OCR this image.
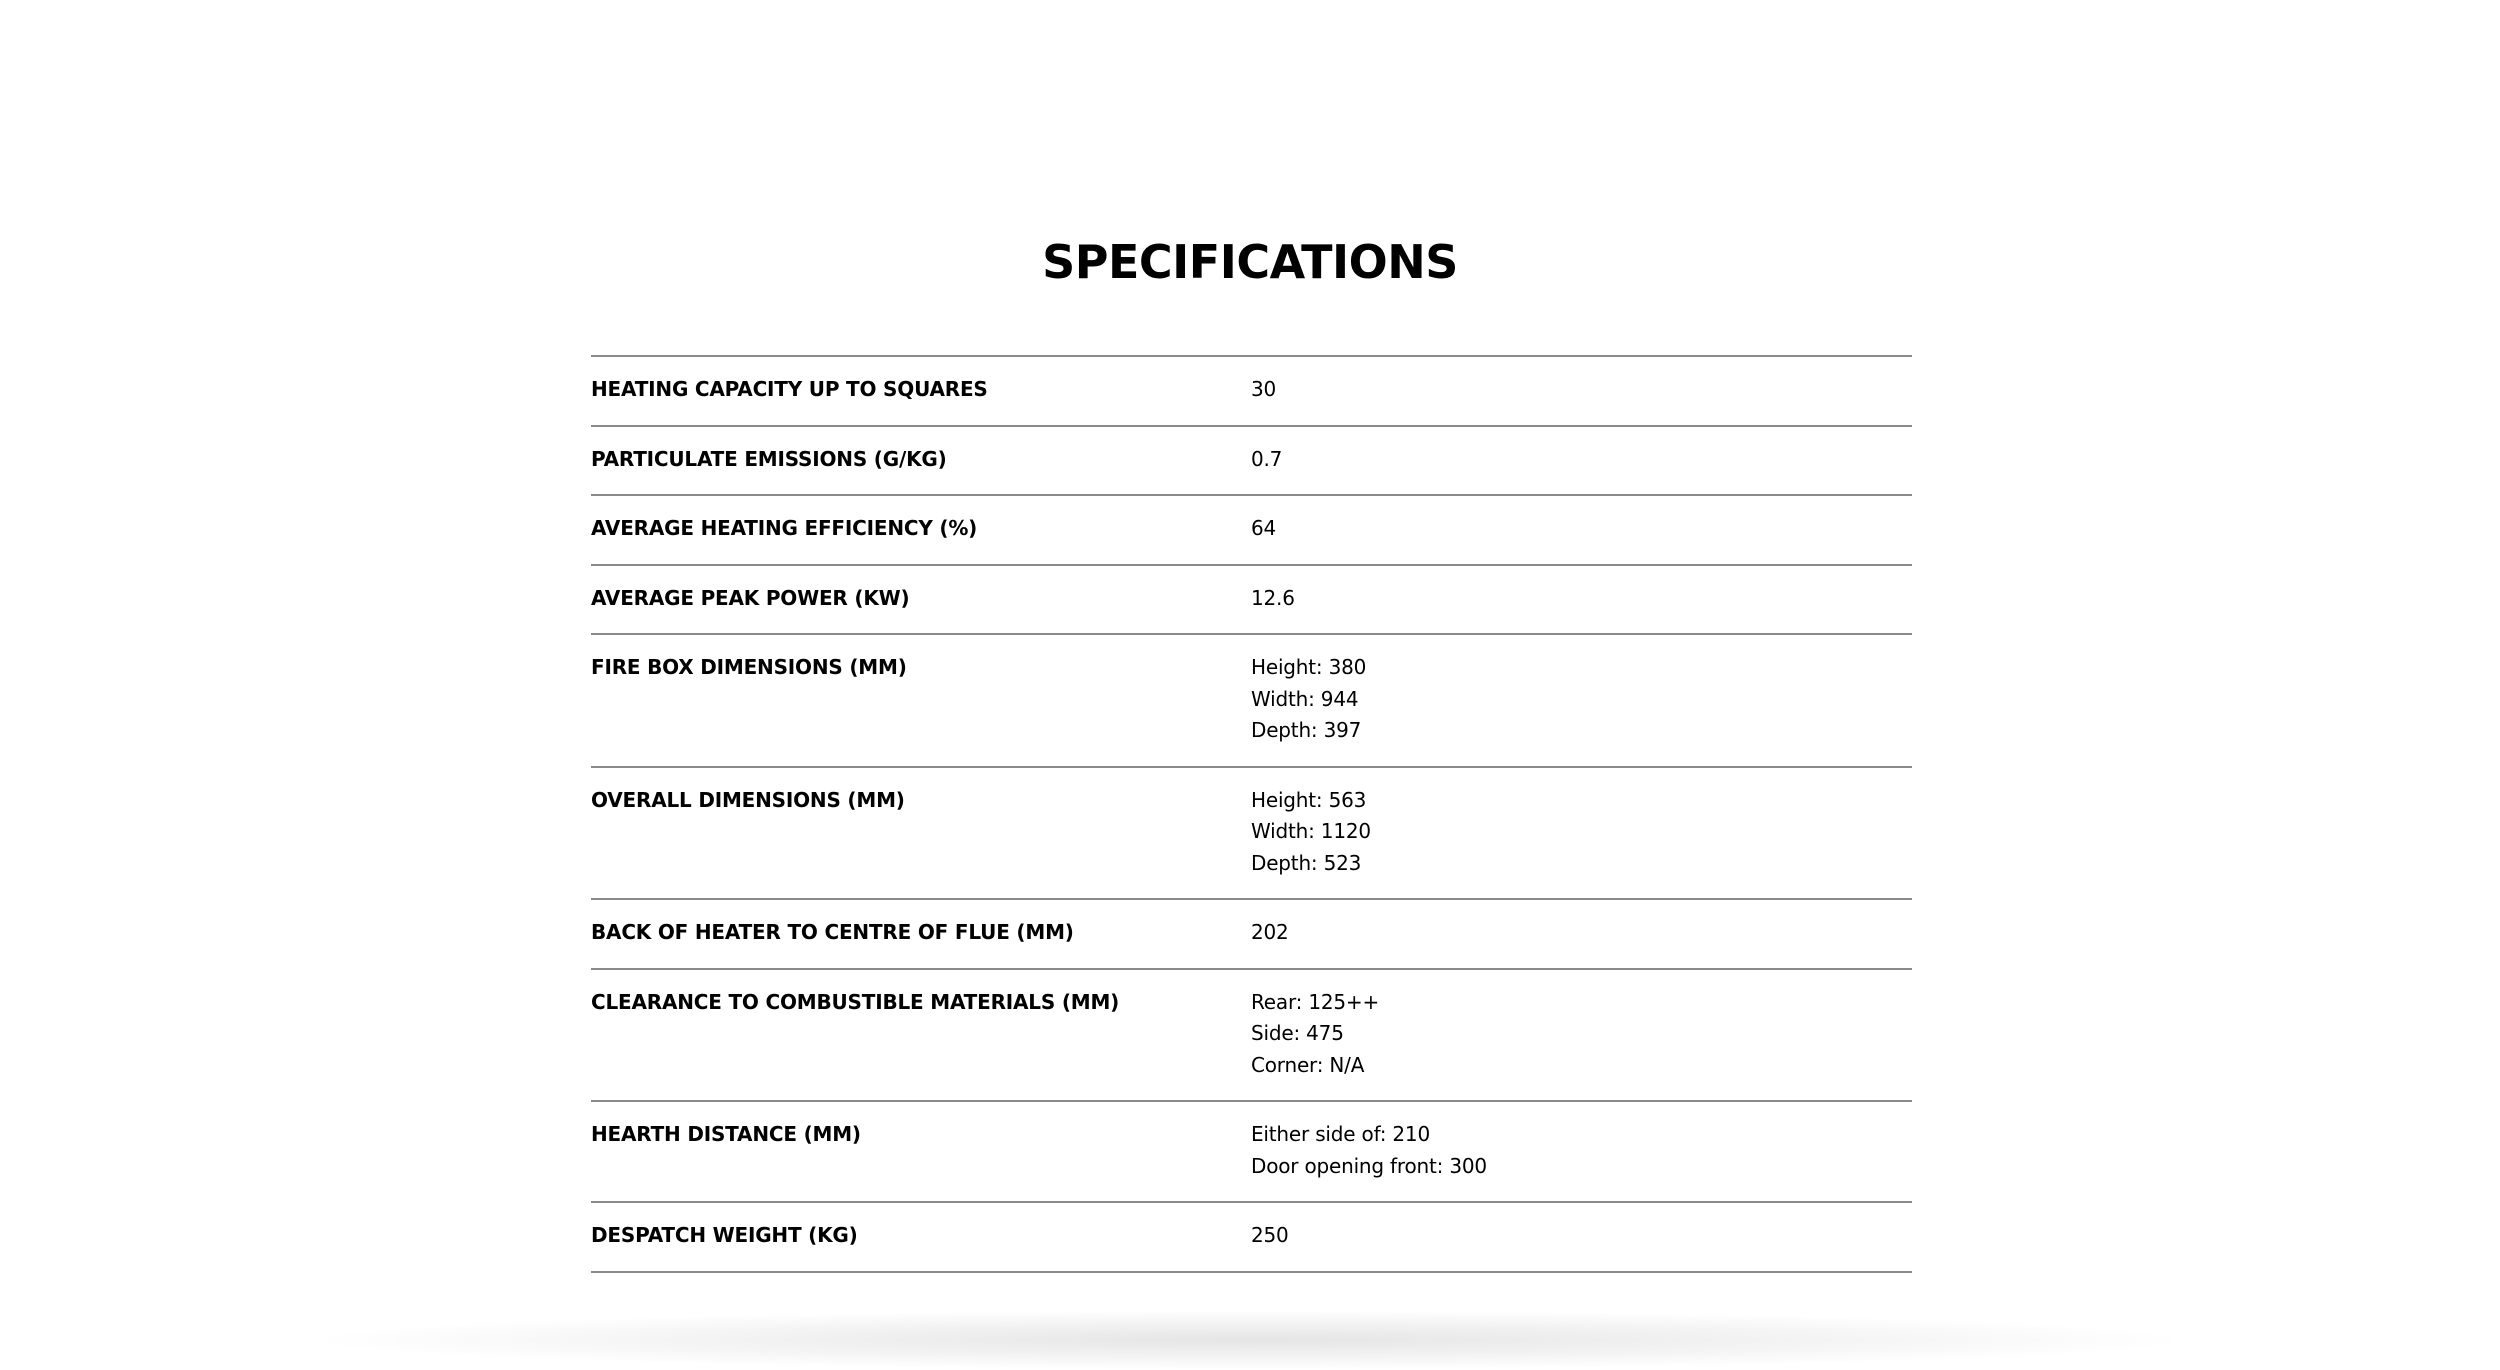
SPECIFICATIONS
HEATING CAPACITY UP TO SQUARES	30
PARTICULATE EMISSIONS (G/KG)	0.7
AVERAGE HEATING EFFICIENCY (%)	64
AVERAGE PEAK POWER (KW)	12.6
FIRE BOX DIMENSIONS (MM)	Height: 380
Width: 944
Depth: 397
OVERALL DIMENSIONS (MM)	Height: 563
Width: 1120
Depth: 523
BACK OF HEATER TO CENTRE OF FLUE (MM)	202
CLEARANCE TO COMBUSTIBLE MATERIALS (MM)	Rear: 125++
Side: 475
Corner: N/A
HEARTH DISTANCE (MM)	Either side of: 210
Door opening front: 300
DESPATCH WEIGHT (KG)	250
